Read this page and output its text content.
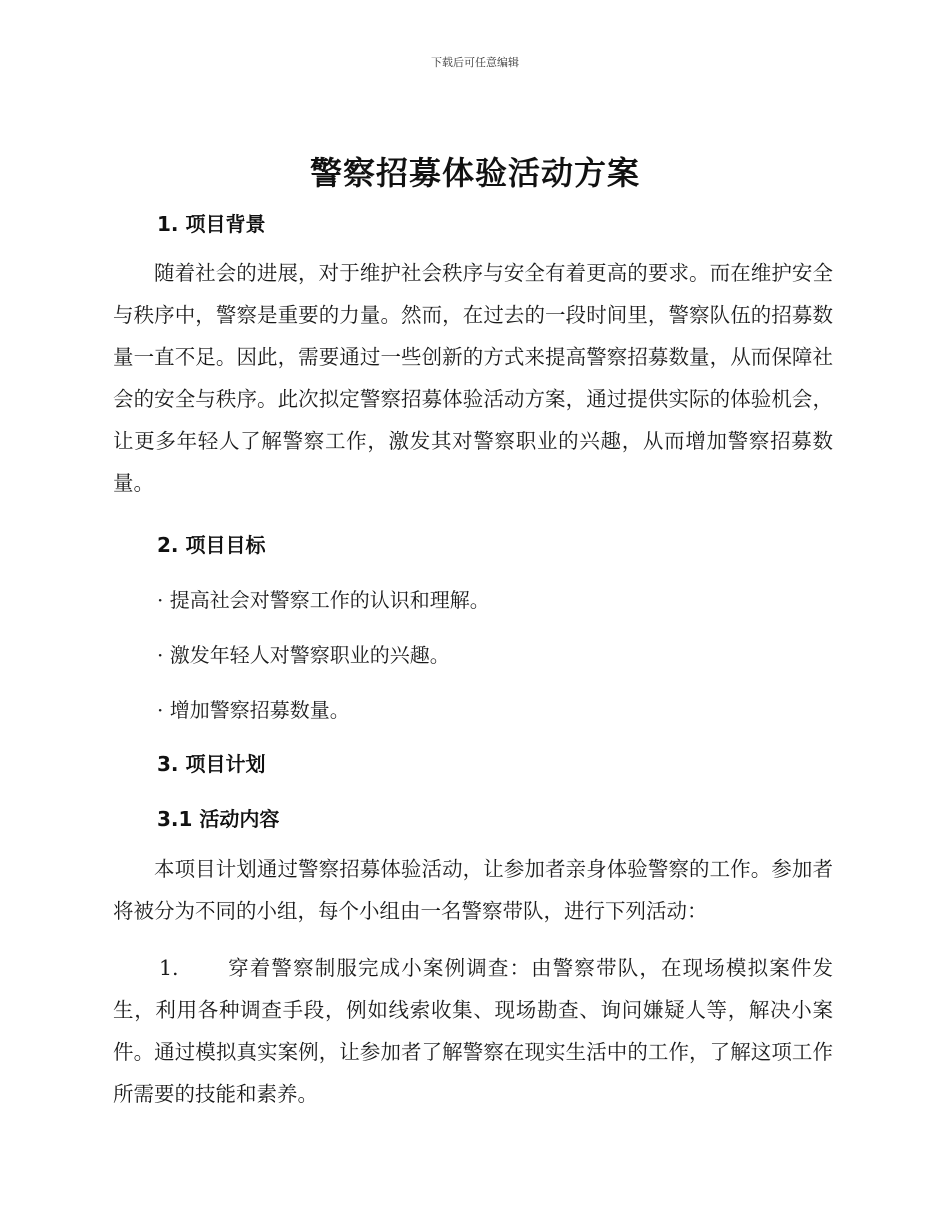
下载后可任意编辑
警察招募体验活动方案
1. 项目背景

随着社会的进展，对于维护社会秩序与安全有着更高的要求。而在维护安全与秩序中，警察是重要的力量。然而，在过去的一段时间里，警察队伍的招募数量一直不足。因此，需要通过一些创新的方式来提高警察招募数量，从而保障社会的安全与秩序。此次拟定警察招募体验活动方案，通过提供实际的体验机会，让更多年轻人了解警察工作，激发其对警察职业的兴趣，从而增加警察招募数量。

2. 项目目标
· 提高社会对警察工作的认识和理解。
· 激发年轻人对警察职业的兴趣。
· 增加警察招募数量。
3. 项目计划
3.1 活动内容

本项目计划通过警察招募体验活动，让参加者亲身体验警察的工作。参加者将被分为不同的小组，每个小组由一名警察带队，进行下列活动：

1. 穿着警察制服完成小案例调查：由警察带队，在现场模拟案件发生，利用各种调查手段，例如线索收集、现场勘查、询问嫌疑人等，解决小案件。通过模拟真实案例，让参加者了解警察在现实生活中的工作，了解这项工作所需要的技能和素养。
